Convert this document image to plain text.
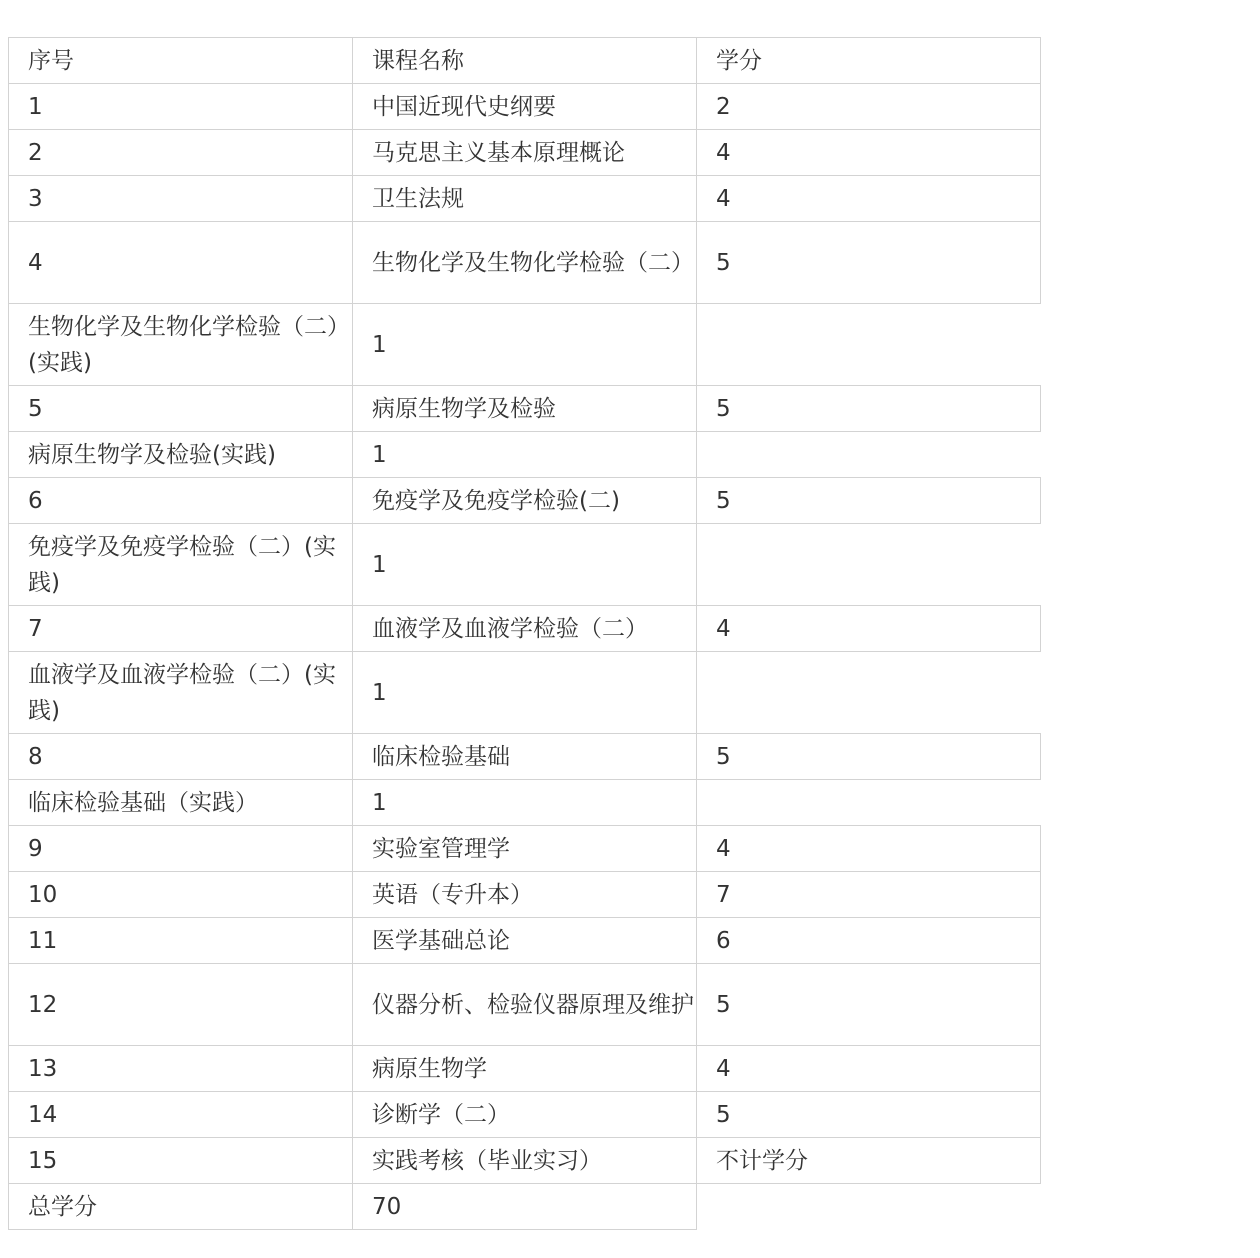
序号	课程名称	学分
1	中国近现代史纲要	2
2	马克思主义基本原理概论	4
3	卫生法规	4
4	生物化学及生物化学检验（二）	5
生物化学及生物化学检验（二）(实践)	1	
5	病原生物学及检验	5
病原生物学及检验(实践)	1	
6	免疫学及免疫学检验(二)	5
免疫学及免疫学检验（二）(实践)	1	
7	血液学及血液学检验（二）	4
血液学及血液学检验（二）(实践)	1	
8	临床检验基础	5
临床检验基础（实践）	1	
9	实验室管理学	4
10	英语（专升本）	7
11	医学基础总论	6
12	仪器分析、检验仪器原理及维护	5
13	病原生物学	4
14	诊断学（二）	5
15	实践考核（毕业实习）	不计学分
总学分	70	
